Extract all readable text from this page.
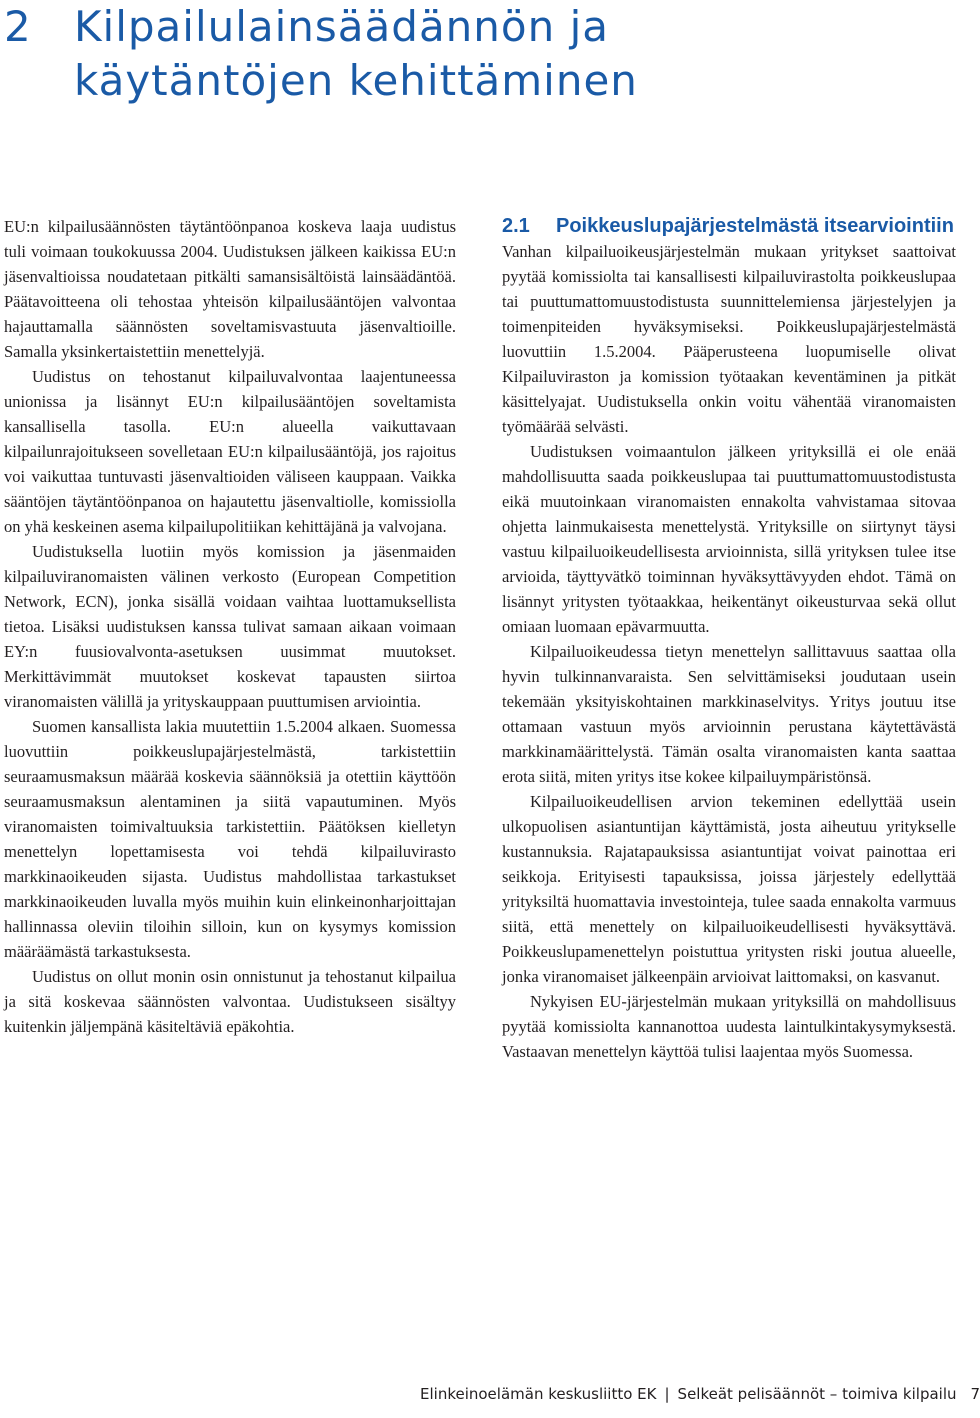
2 Kilpailulainsäädännön ja
käytäntöjen kehittäminen

EU:n kilpailusäännösten täytäntöönpanoa koskeva laaja uudistus tuli voimaan toukokuussa 2004. Uudistuksen jälkeen kaikissa EU:n jäsenvaltioissa noudatetaan pitkälti samansisältöistä lainsäädäntöä. Päätavoitteena oli tehostaa yhteisön kilpailusääntöjen valvontaa hajauttamalla säännösten soveltamisvastuuta jäsenvaltioille. Samalla yksinkertaistettiin menettelyjä.

Uudistus on tehostanut kilpailuvalvontaa laajentuneessa unionissa ja lisännyt EU:n kilpailusääntöjen soveltamista kansallisella tasolla. EU:n alueella vaikuttavaan kilpailunrajoitukseen sovelletaan EU:n kilpailusääntöjä, jos rajoitus voi vaikuttaa tuntuvasti jäsenvaltioiden väliseen kauppaan. Vaikka sääntöjen täytäntöönpanoa on hajautettu jäsenvaltiolle, komissiolla on yhä keskeinen asema kilpailupolitiikan kehittäjänä ja valvojana.

Uudistuksella luotiin myös komission ja jäsenmaiden kilpailuviranomaisten välinen verkosto (European Competition Network, ECN), jonka sisällä voidaan vaihtaa luottamuksellista tietoa. Lisäksi uudistuksen kanssa tulivat samaan aikaan voimaan EY:n fuusiovalvonta-asetuksen uusimmat muutokset. Merkittävimmät muutokset koskevat tapausten siirtoa viranomaisten välillä ja yrityskauppaan puuttumisen arviointia.

Suomen kansallista lakia muutettiin 1.5.2004 alkaen. Suomessa luovuttiin poikkeuslupajärjestelmästä, tarkistettiin seuraamusmaksun määrää koskevia säännöksiä ja otettiin käyttöön seuraamusmaksun alentaminen ja siitä vapautuminen. Myös viranomaisten toimivaltuuksia tarkistettiin. Päätöksen kielletyn menettelyn lopettamisesta voi tehdä kilpailuvirasto markkinaoikeuden sijasta. Uudistus mahdollistaa tarkastukset markkinaoikeuden luvalla myös muihin kuin elinkeinonharjoittajan hallinnassa oleviin tiloihin silloin, kun on kysymys komission määräämästä tarkastuksesta.

Uudistus on ollut monin osin onnistunut ja tehostanut kilpailua ja sitä koskevaa säännösten valvontaa. Uudistukseen sisältyy kuitenkin jäljempänä käsiteltäviä epäkohtia.

2.1	Poikkeuslupajärjestelmästä itsearviointiin

Vanhan kilpailuoikeusjärjestelmän mukaan yritykset saattoivat pyytää komissiolta tai kansallisesti kilpailuvirastolta poikkeuslupaa tai puuttumattomuustodistusta suunnittelemiensa järjestelyjen ja toimenpiteiden hyväksymiseksi. Poikkeuslupajärjestelmästä luovuttiin 1.5.2004. Pääperusteena luopumiselle olivat Kilpailuviraston ja komission työtaakan keventäminen ja pitkät käsittelyajat. Uudistuksella onkin voitu vähentää viranomaisten työmäärää selvästi.

Uudistuksen voimaantulon jälkeen yrityksillä ei ole enää mahdollisuutta saada poikkeuslupaa tai puuttumattomuustodistusta eikä muutoinkaan viranomaisten ennakolta vahvistamaa sitovaa ohjetta lainmukaisesta menettelystä. Yrityksille on siirtynyt täysi vastuu kilpailuoikeudellisesta arvioinnista, sillä yrityksen tulee itse arvioida, täyttyvätkö toiminnan hyväksyttävyyden ehdot. Tämä on lisännyt yritysten työtaakkaa, heikentänyt oikeusturvaa sekä ollut omiaan luomaan epävarmuutta.

Kilpailuoikeudessa tietyn menettelyn sallittavuus saattaa olla hyvin tulkinnanvaraista. Sen selvittämiseksi joudutaan usein tekemään yksityiskohtainen markkinaselvitys. Yritys joutuu itse ottamaan vastuun myös arvioinnin perustana käytettävästä markkinamäärittelystä. Tämän osalta viranomaisten kanta saattaa erota siitä, miten yritys itse kokee kilpailuympäristönsä.

Kilpailuoikeudellisen arvion tekeminen edellyttää usein ulkopuolisen asiantuntijan käyttämistä, josta aiheutuu yritykselle kustannuksia. Rajatapauksissa asiantuntijat voivat painottaa eri seikkoja. Erityisesti tapauksissa, joissa järjestely edellyttää yrityksiltä huomattavia investointeja, tulee saada ennakolta varmuus siitä, että menettely on kilpailuoikeudellisesti hyväksyttävä. Poikkeuslupamenettelyn poistuttua yritysten riski joutua alueelle, jonka viranomaiset jälkeenpäin arvioivat laittomaksi, on kasvanut.

Nykyisen EU-järjestelmän mukaan yrityksillä on mahdollisuus pyytää komissiolta kannanottoa uudesta laintulkintakysymyksestä. Vastaavan menettelyn käyttöä tulisi laajentaa myös Suomessa.

Elinkeinoelämän keskusliitto EK | Selkeät pelisäännöt – toimiva kilpailu 7
